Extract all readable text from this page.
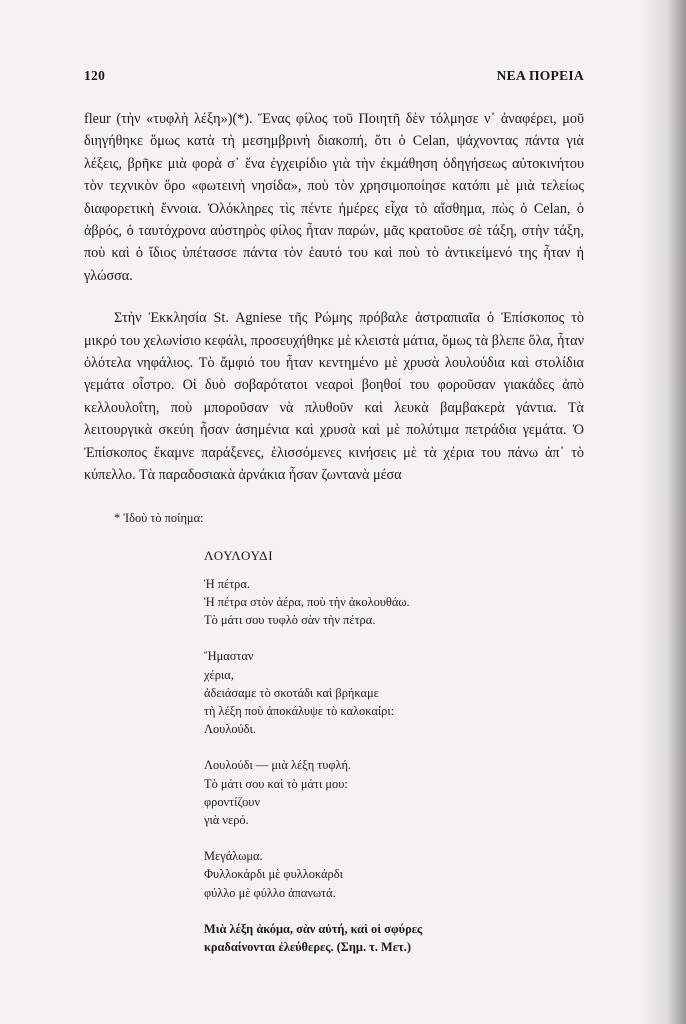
120	ΝΕΑ ΠΟΡΕΙΑ

fleur (τὴν «τυφλὴ λέξη»)(*). Ἕνας φίλος τοῦ Ποιητῆ δὲν τόλμησε ν᾽ ἀναφέρει, μοῦ διηγήθηκε ὅμως κατὰ τὴ μεσημβρινὴ διακοπή, ὅτι ὁ Celan, ψάχνοντας πάντα γιὰ λέξεις, βρῆκε μιὰ φορὰ σ᾽ ἕνα ἐγχειρίδιο γιὰ τὴν ἐκμάθηση ὁδηγήσεως αὐτοκινήτου τὸν τεχνικὸν ὅρο «φωτεινὴ νησίδα», ποὺ τὸν χρησιμοποίησε κατόπι μὲ μιὰ τελείως διαφορετικὴ ἔννοια. Ὁλόκληρες τὶς πέντε ἡμέρες εἶχα τὸ αἴσθημα, πὼς ὁ Celan, ὁ ἁβρός, ὁ ταυτόχρονα αὐστηρὸς φίλος ἦταν παρών, μᾶς κρατοῦσε σὲ τάξη, στὴν τάξη, ποὺ καὶ ὁ ἴδιος ὑπέτασσε πάντα τὸν ἑαυτό του καὶ ποὺ τὸ ἀντικείμενό της ἦταν ἡ γλώσσα.

Στὴν Ἐκκλησία St. Agniese τῆς Ρώμης πρόβαλε ἀστραπιαῖα ὁ Ἐπίσκοπος τὸ μικρό του χελωνίσιο κεφάλι, προσευχήθηκε μὲ κλειστὰ μάτια, ὅμως τὰ βλεπε ὅλα, ἦταν ὁλότελα νηφάλιος. Τὸ ἄμφιό του ἦταν κεντημένο μὲ χρυσὰ λουλούδια καὶ στολίδια γεμάτα οἶστρο. Οἱ δυὸ σοβαρότατοι νεαροὶ βοηθοί του φοροῦσαν γιακάδες ἀπὸ κελλουλοΐτη, ποὺ μποροῦσαν νὰ πλυθοῦν καὶ λευκὰ βαμβακερὰ γάντια. Τὰ λειτουργικὰ σκεύη ἦσαν ἀσημένια καὶ χρυσὰ καὶ μὲ πολύτιμα πετράδια γεμάτα. Ὁ Ἐπίσκοπος ἔκαμνε παράξενες, ἑλισσόμενες κινήσεις μὲ τὰ χέρια του πάνω ἀπ᾽ τὸ κύπελλο. Τὰ παραδοσιακὰ ἀρνάκια ἦσαν ζωντανὰ μέσα

* Ἰδοὺ τὸ ποίημα:
ΛΟΥΛΟΥΔΙ
Ἡ πέτρα.
Ἡ πέτρα στὸν ἀέρα, ποὺ τὴν ἀκολουθάω.
Τὸ μάτι σου τυφλὸ σὰν τὴν πέτρα.
Ἤμασταν
χέρια,
ἀδειάσαμε τὸ σκοτάδι καὶ βρήκαμε
τὴ λέξη ποὺ ἀποκάλυψε τὸ καλοκαίρι:
Λουλούδι.
Λουλούδι — μιὰ λέξη τυφλή.
Τὸ μάτι σου καὶ τὸ μάτι μου:
φροντίζουν
γιὰ νερό.
Μεγάλωμα.
Φυλλοκάρδι μὲ φυλλοκάρδι
φύλλο μὲ φύλλο ἀπανωτά.
Μιὰ λέξη ἀκόμα, σὰν αὐτή, καὶ οἱ σφύρες
κραδαίνονται ἐλεύθερες. (Σημ. τ. Μετ.)
